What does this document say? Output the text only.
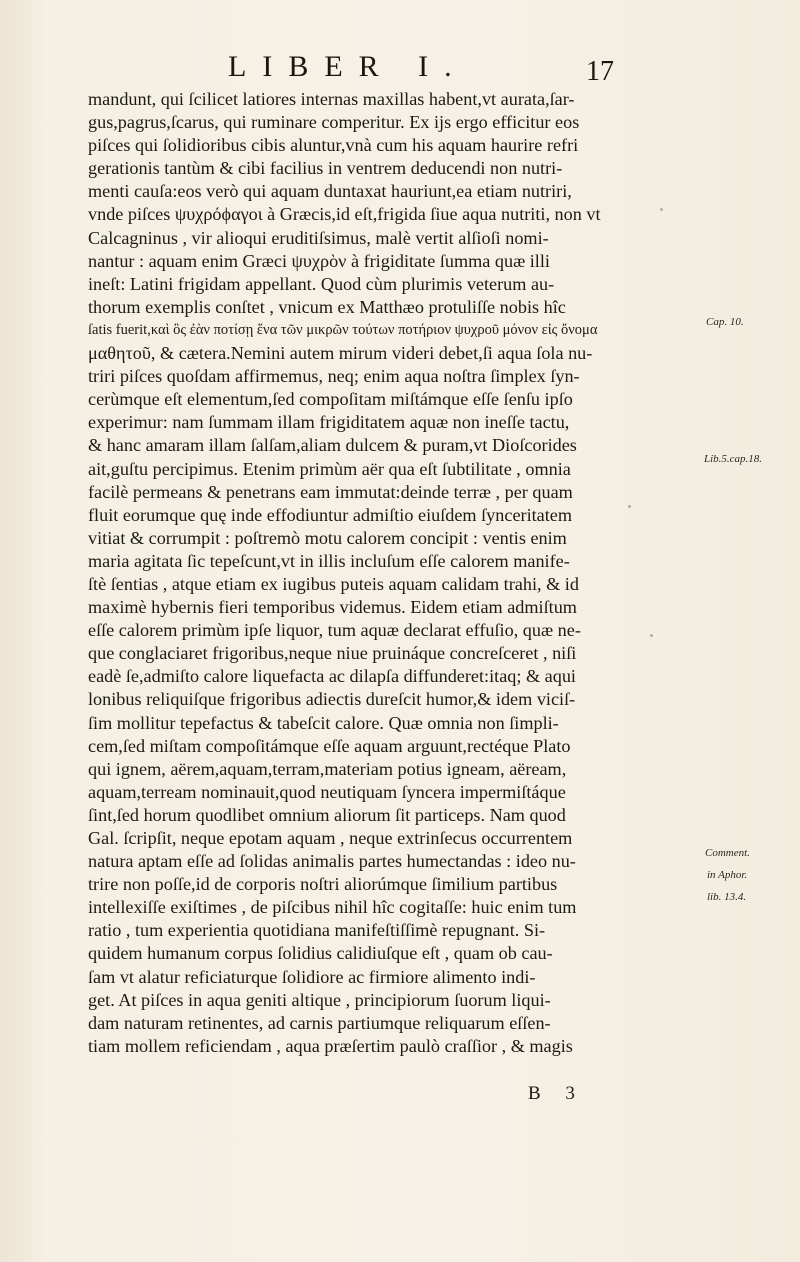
LIBER I.	17
mandunt, qui ſcilicet latiores internas maxillas habent,vt aurata,ſar-
gus,pagrus,ſcarus, qui ruminare comperitur. Ex ijs ergo efficitur eos
piſces qui ſolidioribus cibis aluntur,vnà cum his aquam haurire refri
gerationis tantùm & cibi facilius in ventrem deducendi non nutri-
menti cauſa:eos verò qui aquam duntaxat hauriunt,ea etiam nutriri,
vnde piſces ψυχρόϕαγοι à Græcis,id eſt,frigida ſiue aqua nutriti, non vt
Calcagninus , vir alioqui eruditiſsimus, malè vertit alſioſi nomi-
nantur : aquam enim Græci ψυχρὸν à frigiditate ſumma quæ illi
ineſt: Latini frigidam appellant. Quod cùm plurimis veterum au-
thorum exemplis conſtet , vnicum ex Matthæo protuliſſe nobis hîc
ſatis fuerit,καὶ ὃς ἐὰν ποτίσῃ ἕνα τῶν μικρῶν τούτων ποτήριον ψυχροῦ μόνον εἰς ὄνομα
μαθητοῦ, & cætera.Nemini autem mirum videri debet,ſi aqua ſola nu-
triri piſces quoſdam affirmemus, neq; enim aqua noſtra ſimplex ſyn-
cerùmque eſt elementum,ſed compoſitam miſtámque eſſe ſenſu ipſo
experimur: nam ſummam illam frigiditatem aquæ non ineſſe tactu,
& hanc amaram illam ſalſam,aliam dulcem & puram,vt Dioſcorides
ait,guſtu percipimus. Etenim primùm aër qua eſt ſubtilitate , omnia
facilè permeans & penetrans eam immutat:deinde terræ , per quam
fluit eorumque quę inde effodiuntur admiſtio eiuſdem ſynceritatem
vitiat & corrumpit : poſtremò motu calorem concipit : ventis enim
maria agitata ſic tepeſcunt,vt in illis incluſum eſſe calorem manife-
ſtè ſentias , atque etiam ex iugibus puteis aquam calidam trahi, & id
maximè hybernis fieri temporibus videmus. Eidem etiam admiſtum
eſſe calorem primùm ipſe liquor, tum aquæ declarat effuſio, quæ ne-
que conglaciaret frigoribus,neque niue pruináque concreſceret , niſi
eadè ſe,admiſto calore liquefacta ac dilapſa diffunderet:itaq; & aqui
lonibus reliquiſque frigoribus adiectis dureſcit humor,& idem viciſ-
ſim mollitur tepefactus & tabeſcit calore. Quæ omnia non ſimpli-
cem,ſed miſtam compoſitámque eſſe aquam arguunt,rectéque Plato
qui ignem, aërem,aquam,terram,materiam potius igneam, aëream,
aquam,terream nominauit,quod neutiquam ſyncera impermiſtáque
ſint,ſed horum quodlibet omnium aliorum ſit particeps. Nam quod
Gal. ſcripſit, neque epotam aquam , neque extrinſecus occurrentem
natura aptam eſſe ad ſolidas animalis partes humectandas : ideo nu-
trire non poſſe,id de corporis noſtri aliorúmque ſimilium partibus
intellexiſſe exiſtimes , de piſcibus nihil hîc cogitaſſe: huic enim tum
ratio , tum experientia quotidiana manifeſtiſſimè repugnant. Si-
quidem humanum corpus ſolidius calidiuſque eſt , quam ob cau-
ſam vt alatur reficiaturque ſolidiore ac firmiore alimento indi-
get. At piſces in aqua geniti altique , principiorum ſuorum liqui-
dam naturam retinentes, ad carnis partiumque reliquarum eſſen-
tiam mollem reficiendam , aqua præſertim paulò craſſior , & magis
Cap. 10.
Lib.5.cap.18.
Comment.
in Aphor.
lib. 13.4.
B 3
